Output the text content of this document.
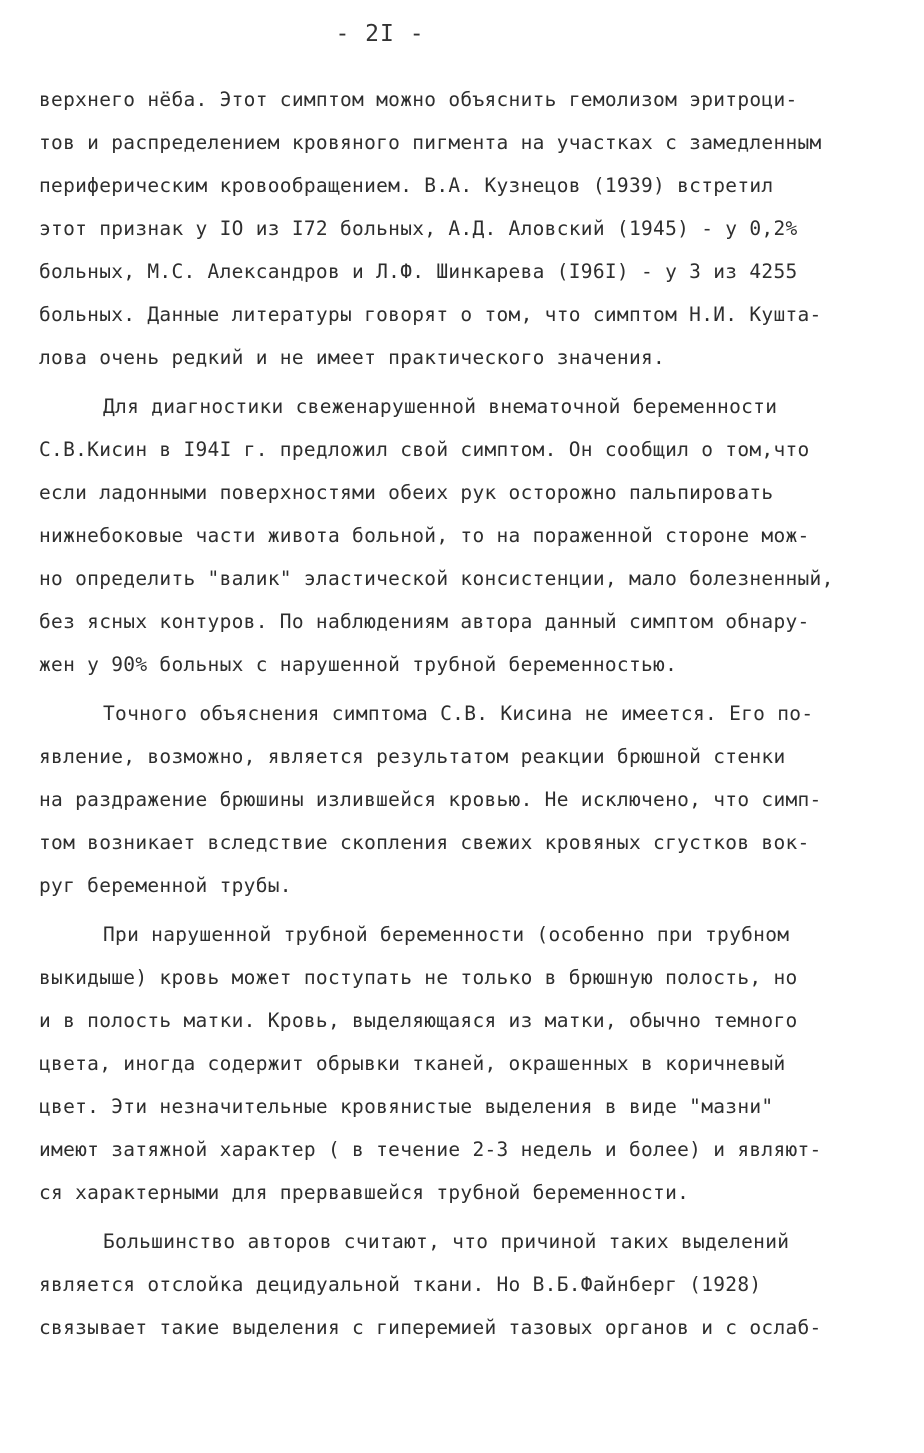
- 2I -
верхнего нёба. Этот симптом можно объяснить гемолизом эритроци-
тов и распределением кровяного пигмента на участках с замедленным
периферическим кровообращением. В.А. Кузнецов (1939) встретил
этот признак у IO из I72 больных, А.Д. Аловский (1945) - у 0,2%
больных, М.С. Александров и Л.Ф. Шинкарева (I96I) - у 3 из 4255
больных. Данные литературы говорят о том, что симптом Н.И. Кушта-
лова очень редкий и не имеет практического значения.
Для диагностики свеженарушенной внематочной беременности
С.В.Кисин в I94I г. предложил свой симптом. Он сообщил о том,что
если ладонными поверхностями обеих рук осторожно пальпировать
нижнебоковые части живота больной, то на пораженной стороне мож-
но определить "валик" эластической консистенции, мало болезненный,
без ясных контуров. По наблюдениям автора данный симптом обнару-
жен у 90% больных с нарушенной трубной беременностью.
Точного объяснения симптома С.В. Кисина не имеется. Его по-
явление, возможно, является результатом реакции брюшной стенки
на раздражение брюшины излившейся кровью. Не исключено, что симп-
том возникает вследствие скопления свежих кровяных сгустков вок-
руг беременной трубы.
При нарушенной трубной беременности (особенно при трубном
выкидыше) кровь может поступать не только в брюшную полость, но
и в полость матки. Кровь, выделяющаяся из матки, обычно темного
цвета, иногда содержит обрывки тканей, окрашенных в коричневый
цвет. Эти незначительные кровянистые выделения в виде "мазни"
имеют затяжной характер ( в течение 2-3 недель и более) и являют-
ся характерными для прервавшейся трубной беременности.
Большинство авторов считают, что причиной таких выделений
является отслойка децидуальной ткани. Но В.Б.Файнберг (1928)
связывает такие выделения с гиперемией тазовых органов и с ослаб-
